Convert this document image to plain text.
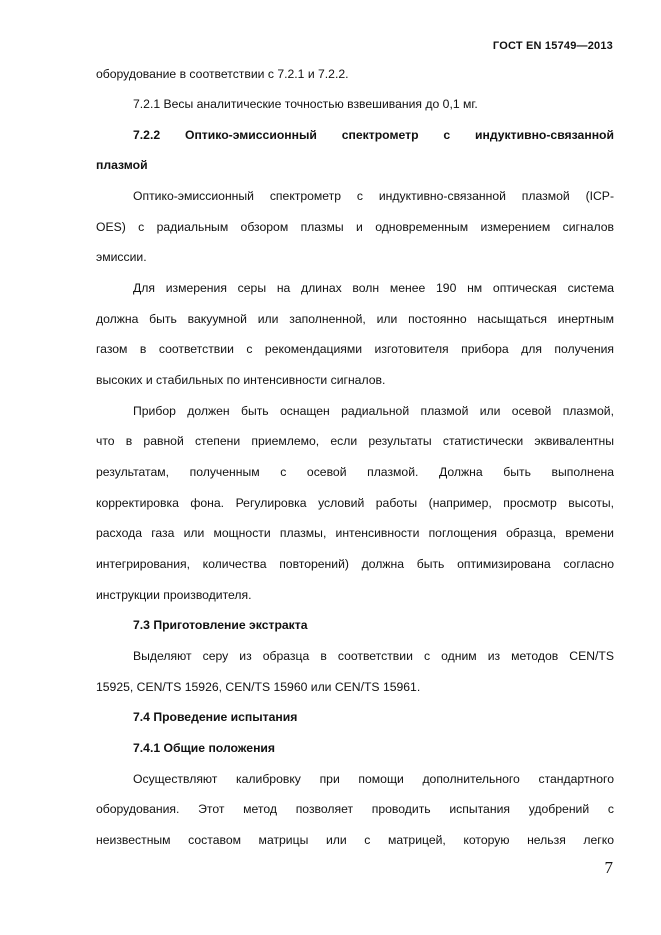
ГОСТ EN 15749—2013
оборудование в соответствии с 7.2.1 и 7.2.2.
7.2.1 Весы аналитические точностью взвешивания до 0,1 мг.
7.2.2 Оптико-эмиссионный спектрометр с индуктивно-связанной
плазмой
Оптико-эмиссионный спектрометр с индуктивно-связанной плазмой (ICP-
OES) с радиальным обзором плазмы и одновременным измерением сигналов
эмиссии.
Для измерения серы на длинах волн менее 190 нм оптическая система
должна быть вакуумной или заполненной, или постоянно насыщаться инертным
газом в соответствии с рекомендациями изготовителя прибора для получения
высоких и стабильных по интенсивности сигналов.
Прибор должен быть оснащен радиальной плазмой или осевой плазмой,
что в равной степени приемлемо, если результаты статистически эквивалентны
результатам, полученным с осевой плазмой. Должна быть выполнена
корректировка фона. Регулировка условий работы (например, просмотр высоты,
расхода газа или мощности плазмы, интенсивности поглощения образца, времени
интегрирования, количества повторений) должна быть оптимизирована согласно
инструкции производителя.
7.3 Приготовление экстракта
Выделяют серу из образца в соответствии с одним из методов CEN/TS
15925, CEN/TS 15926, CEN/TS 15960 или CEN/TS 15961.
7.4 Проведение испытания
7.4.1 Общие положения
Осуществляют калибровку при помощи дополнительного стандартного
оборудования. Этот метод позволяет проводить испытания удобрений с
неизвестным составом матрицы или с матрицей, которую нельзя легко
7
